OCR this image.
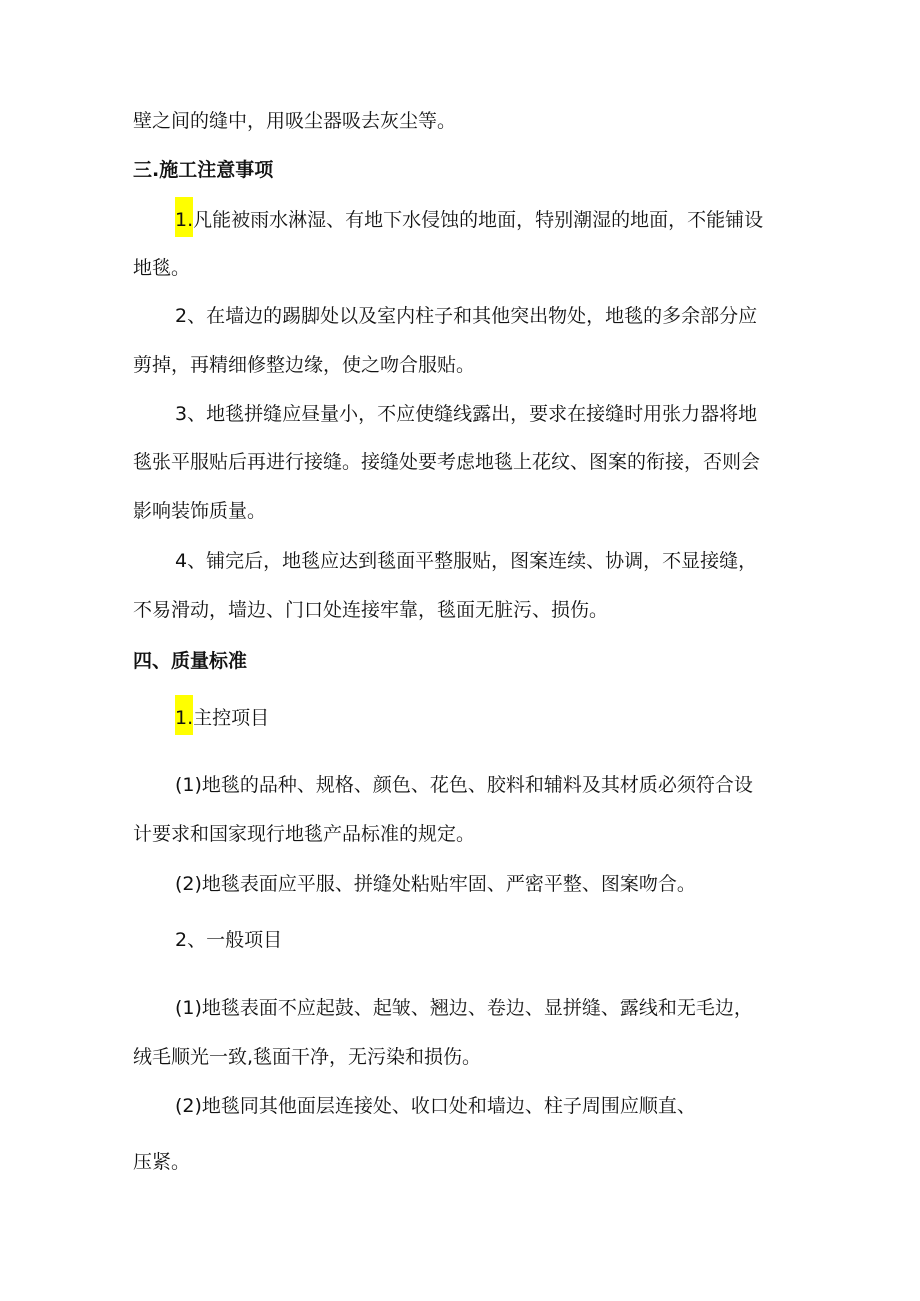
壁之间的缝中，用吸尘器吸去灰尘等。

三.施工注意事项

1.凡能被雨水淋湿、有地下水侵蚀的地面，特别潮湿的地面，不能铺设

地毯。

2、在墙边的踢脚处以及室内柱子和其他突出物处，地毯的多余部分应

剪掉，再精细修整边缘，使之吻合服贴。

3、地毯拼缝应昼量小，不应使缝线露出，要求在接缝时用张力器将地

毯张平服贴后再进行接缝。接缝处要考虑地毯上花纹、图案的衔接，否则会

影响装饰质量。

4、铺完后，地毯应达到毯面平整服贴，图案连续、协调，不显接缝，

不易滑动，墙边、门口处连接牢靠，毯面无脏污、损伤。

四、质量标准

1.主控项目

(1)地毯的品种、规格、颜色、花色、胶料和辅料及其材质必须符合设

计要求和国家现行地毯产品标准的规定。

(2)地毯表面应平服、拼缝处粘贴牢固、严密平整、图案吻合。

2、一般项目

(1)地毯表面不应起鼓、起皱、翘边、卷边、显拼缝、露线和无毛边，

绒毛顺光一致,毯面干净，无污染和损伤。

(2)地毯同其他面层连接处、收口处和墙边、柱子周围应顺直、

压紧。
